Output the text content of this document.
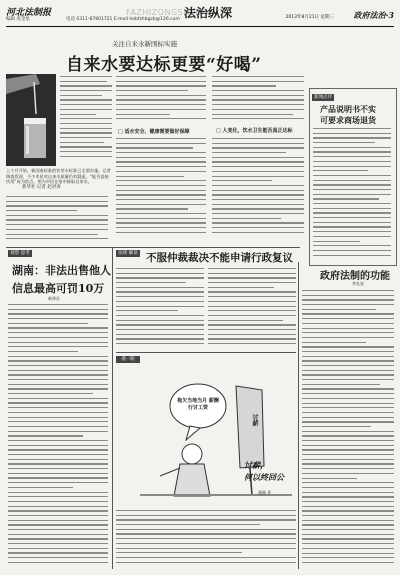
河北法制报
编辑 庞金星	电话 0311-87801721 E-mail hebfzhbgzb@126.com
FAZHIZONGSHEN
法治纵深	2013年8月21日 星期三 政府法治·3
关注自来水新国标实施
自来水要达标更要“好喝”
上个月开始，新国家标准的饮用水标准已全面实施。记者调查发现，不少市民对自来水质量仍有疑虑，“能否直接饮用”成为焦点。图为市民在家中接取自来水。
新华社 记者 赵洪涛
□ 适水安全、健康需要做好保障	□ 人变化，饮水卫生能否真正达标
新闻点评
产品说明书不实
可要求商场退货
政府法制的功能
李长安
观察 思考
湖南：非法出售他人
信息最高可罚10万
新华社
法规 解读 不服仲裁裁决不能申请行政复议
漫一眼
拖欠当地当月 薪酬行讨工资
讨薪
讨薪，
何以终回公
漫画 作
